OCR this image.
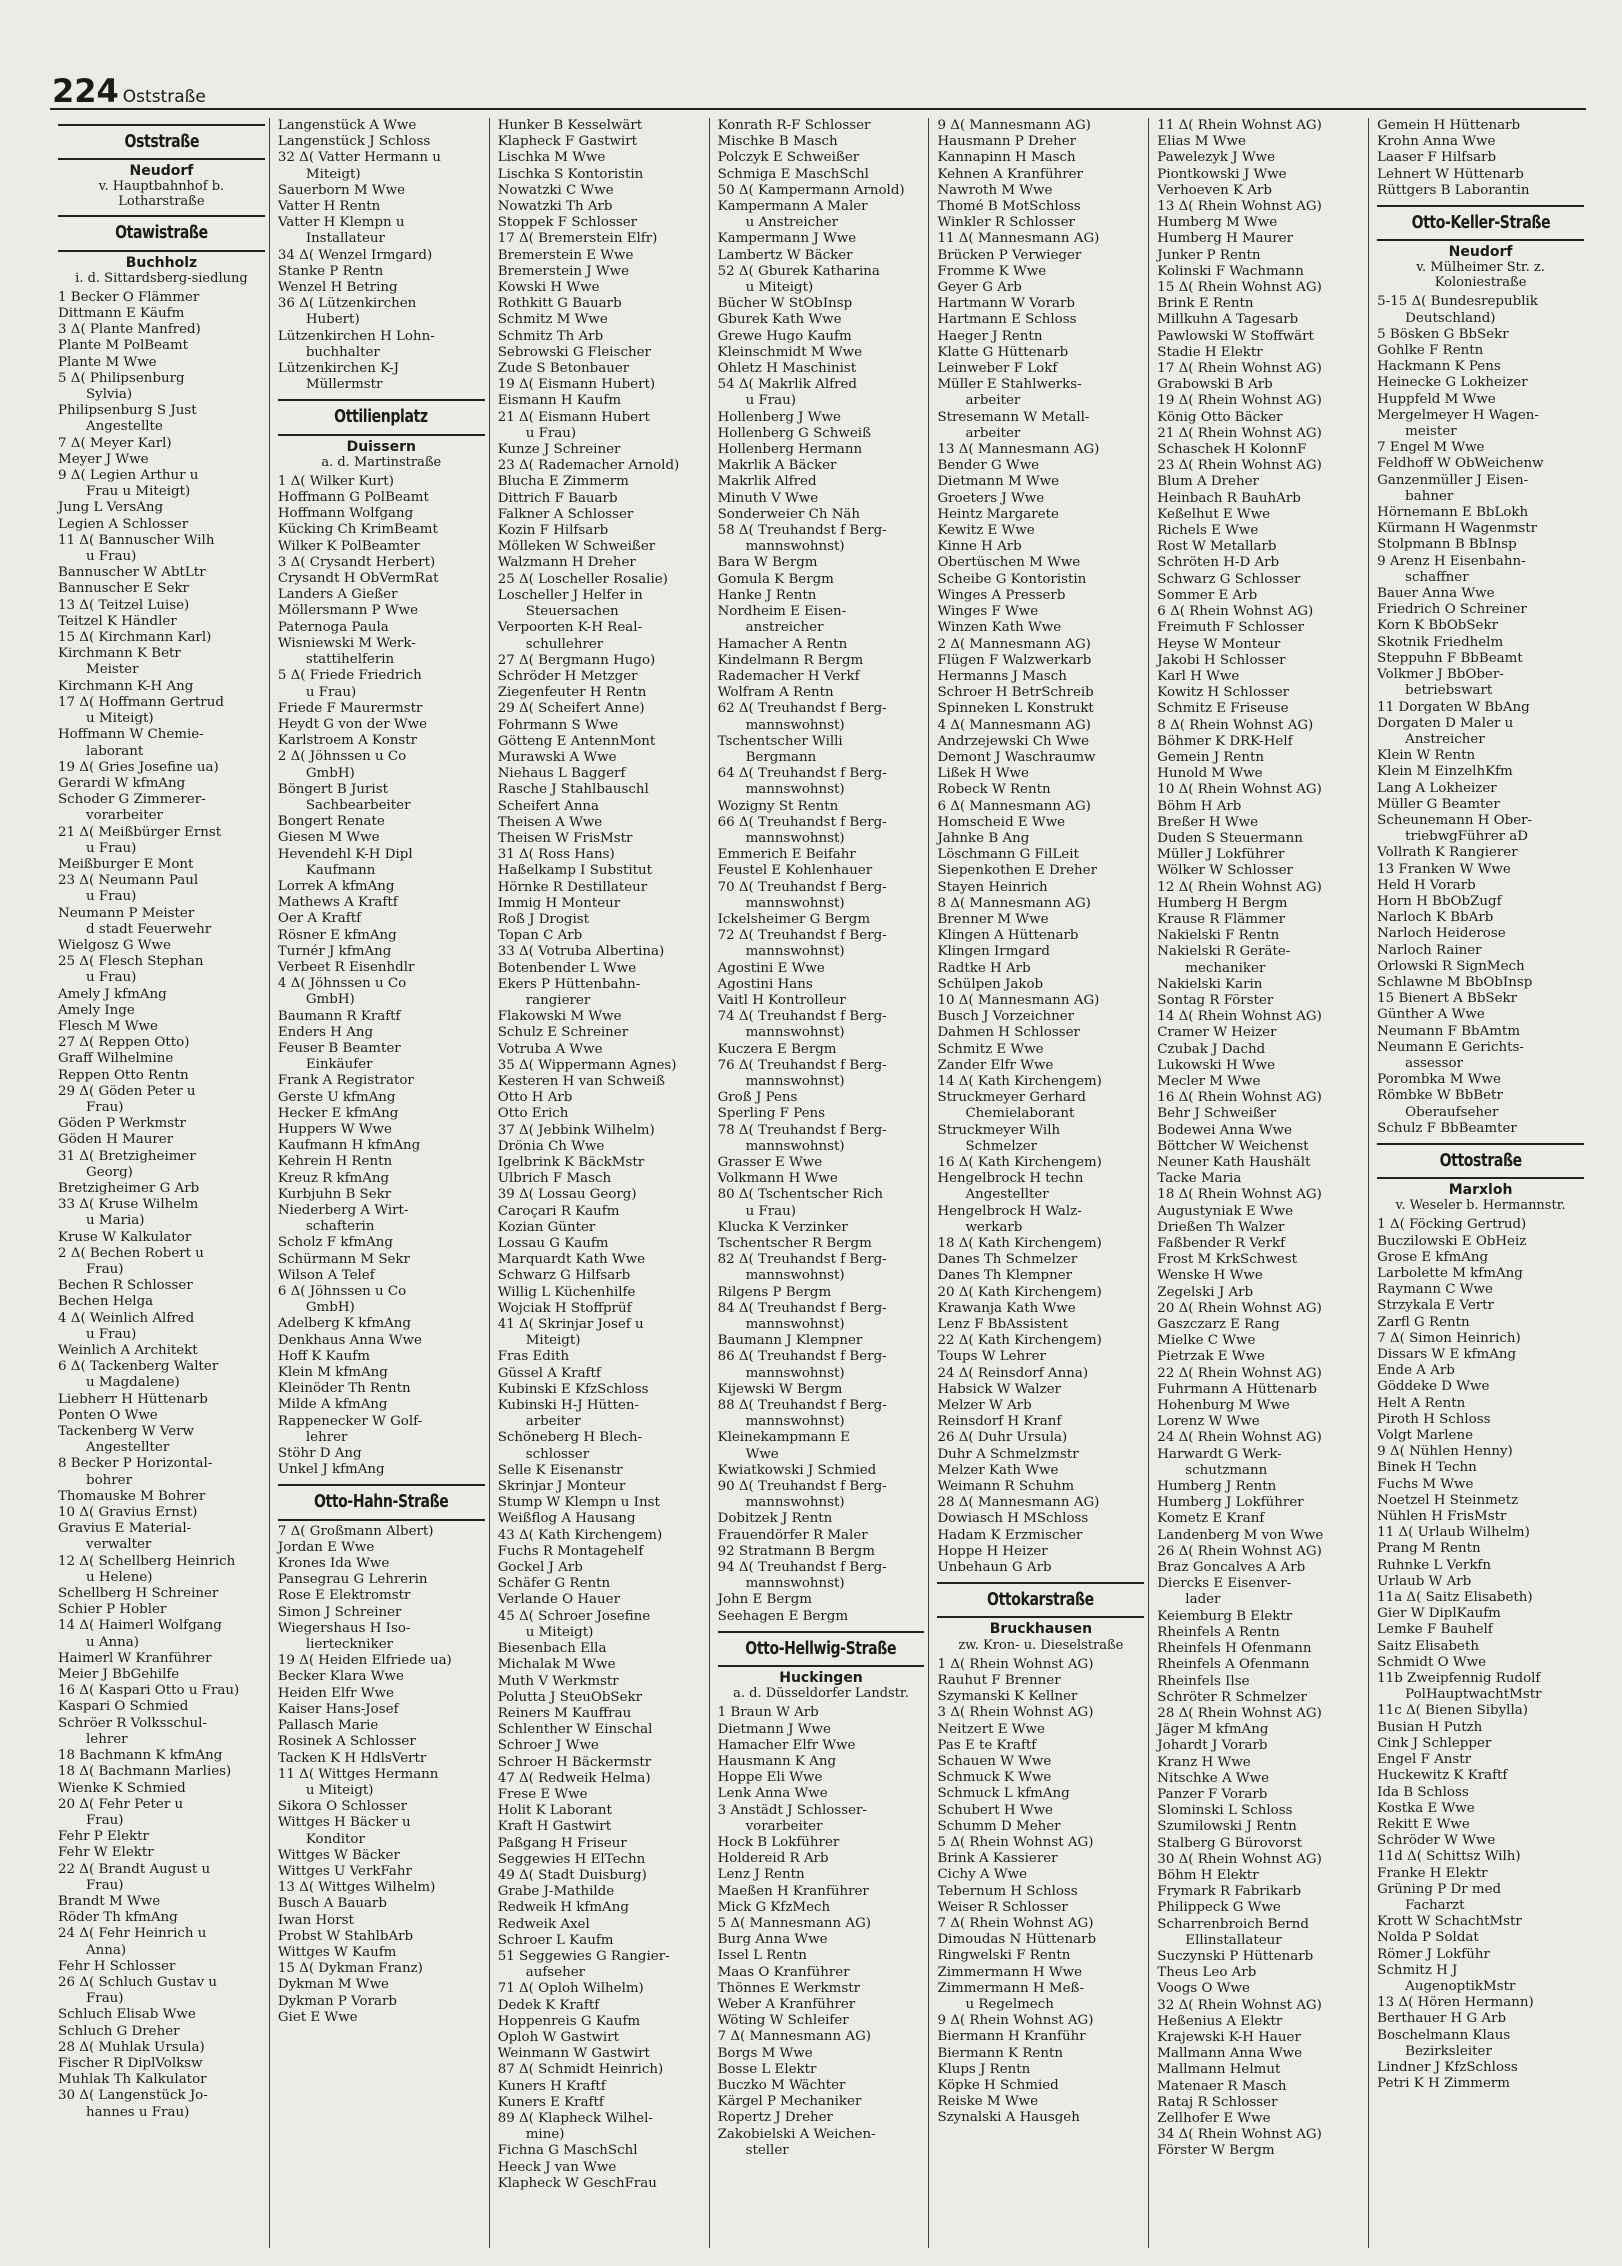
224 Oststraße
Oststraße
Neudorf
v. Hauptbahnhof b. Lotharstraße
Otawistraße
Buchholz
i. d. Sittardsberg-siedlung
1 Becker O Flämmer
Dittmann E Käufm
3 Δ( Plante Manfred)
Plante M PolBeamt
Plante M Wwe
5 Δ( Philipsenburg
Sylvia)
Philipsenburg S Just
Angestellte
7 Δ( Meyer Karl)
Meyer J Wwe
9 Δ( Legien Arthur u
Frau u Miteigt)
Jung L VersAng
Legien A Schlosser
11 Δ( Bannuscher Wilh
u Frau)
Bannuscher W AbtLtr
Bannuscher E Sekr
13 Δ( Teitzel Luise)
Teitzel K Händler
15 Δ( Kirchmann Karl)
Kirchmann K Betr
Meister
Kirchmann K-H Ang
17 Δ( Hoffmann Gertrud
u Miteigt)
Hoffmann W Chemie-
laborant
19 Δ( Gries Josefine ua)
Gerardi W kfmAng
Schoder G Zimmerer-
vorarbeiter
21 Δ( Meißbürger Ernst
u Frau)
Meißburger E Mont
23 Δ( Neumann Paul
u Frau)
Neumann P Meister
d stadt Feuerwehr
Wielgosz G Wwe
25 Δ( Flesch Stephan
u Frau)
Amely J kfmAng
Amely Inge
Flesch M Wwe
27 Δ( Reppen Otto)
Graff Wilhelmine
Reppen Otto Rentn
29 Δ( Göden Peter u
Frau)
Göden P Werkmstr
Göden H Maurer
31 Δ( Bretzigheimer
Georg)
Bretzigheimer G Arb
33 Δ( Kruse Wilhelm
u Maria)
Kruse W Kalkulator
2 Δ( Bechen Robert u
Frau)
Bechen R Schlosser
Bechen Helga
4 Δ( Weinlich Alfred
u Frau)
Weinlich A Architekt
6 Δ( Tackenberg Walter
u Magdalene)
Liebherr H Hüttenarb
Ponten O Wwe
Tackenberg W Verw
Angestellter
8 Becker P Horizontal-
bohrer
Thomauske M Bohrer
10 Δ( Gravius Ernst)
Gravius E Material-
verwalter
12 Δ( Schellberg Heinrich
u Helene)
Schellberg H Schreiner
Schier P Hobler
14 Δ( Haimerl Wolfgang
u Anna)
Haimerl W Kranführer
Meier J BbGehilfe
16 Δ( Kaspari Otto u Frau)
Kaspari O Schmied
Schröer R Volksschul-
lehrer
18 Bachmann K kfmAng
18 Δ( Bachmann Marlies)
Wienke K Schmied
20 Δ( Fehr Peter u
Frau)
Fehr P Elektr
Fehr W Elektr
22 Δ( Brandt August u
Frau)
Brandt M Wwe
Röder Th kfmAng
24 Δ( Fehr Heinrich u
Anna)
Fehr H Schlosser
26 Δ( Schluch Gustav u
Frau)
Schluch Elisab Wwe
Schluch G Dreher
28 Δ( Muhlak Ursula)
Fischer R DiplVolksw
Muhlak Th Kalkulator
30 Δ( Langenstück Jo-
hannes u Frau)
Langenstück A Wwe
Langenstück J Schloss
32 Δ( Vatter Hermann u
Miteigt)
Sauerborn M Wwe
Vatter H Rentn
Vatter H Klempn u
Installateur
34 Δ( Wenzel Irmgard)
Stanke P Rentn
Wenzel H Betring
36 Δ( Lützenkirchen
Hubert)
Lützenkirchen H Lohn-
buchhalter
Lützenkirchen K-J
Müllermstr
Ottilienplatz
Duissern
a. d. Martinstraße
1 Δ( Wilker Kurt)
Hoffmann G PolBeamt
Hoffmann Wolfgang
Kücking Ch KrimBeamt
Wilker K PolBeamter
3 Δ( Crysandt Herbert)
Crysandt H ObVermRat
Landers A Gießer
Möllersmann P Wwe
Paternoga Paula
Wisniewski M Werk-
stattihelferin
5 Δ( Friede Friedrich
u Frau)
Friede F Maurermstr
Heydt G von der Wwe
Karlstroem A Konstr
2 Δ( Jöhnssen u Co
GmbH)
Böngert B Jurist
Sachbearbeiter
Bongert Renate
Giesen M Wwe
Hevendehl K-H Dipl
Kaufmann
Lorrek A kfmAng
Mathews A Kraftf
Oer A Kraftf
Rösner E kfmAng
Turnér J kfmAng
Verbeet R Eisenhdlr
4 Δ( Jöhnssen u Co
GmbH)
Baumann R Kraftf
Enders H Ang
Feuser B Beamter
Einkäufer
Frank A Registrator
Gerste U kfmAng
Hecker E kfmAng
Huppers W Wwe
Kaufmann H kfmAng
Kehrein H Rentn
Kreuz R kfmAng
Kurbjuhn B Sekr
Niederberg A Wirt-
schafterin
Scholz F kfmAng
Schürmann M Sekr
Wilson A Telef
6 Δ( Jöhnssen u Co
GmbH)
Adelberg K kfmAng
Denkhaus Anna Wwe
Hoff K Kaufm
Klein M kfmAng
Kleinöder Th Rentn
Milde A kfmAng
Rappenecker W Golf-
lehrer
Stöhr D Ang
Unkel J kfmAng
Otto-Hahn-Straße
7 Δ( Großmann Albert)
Jordan E Wwe
Krones Ida Wwe
Pansegrau G Lehrerin
Rose E Elektromstr
Simon J Schreiner
Wiegershaus H Iso-
lierteckniker
19 Δ( Heiden Elfriede ua)
Becker Klara Wwe
Heiden Elfr Wwe
Kaiser Hans-Josef
Pallasch Marie
Rosinek A Schlosser
Tacken K H HdlsVertr
11 Δ( Wittges Hermann
u Miteigt)
Sikora O Schlosser
Wittges H Bäcker u
Konditor
Wittges W Bäcker
Wittges U VerkFahr
13 Δ( Wittges Wilhelm)
Busch A Bauarb
Iwan Horst
Probst W StahlbArb
Wittges W Kaufm
15 Δ( Dykman Franz)
Dykman M Wwe
Dykman P Vorarb
Giet E Wwe
Hunker B Kesselwärt
Klapheck F Gastwirt
Lischka M Wwe
Lischka S Kontoristin
Nowatzki C Wwe
Nowatzki Th Arb
Stoppek F Schlosser
17 Δ( Bremerstein Elfr)
Bremerstein E Wwe
Bremerstein J Wwe
Kowski H Wwe
Rothkitt G Bauarb
Schmitz M Wwe
Schmitz Th Arb
Sebrowski G Fleischer
Zude S Betonbauer
19 Δ( Eismann Hubert)
Eismann H Kaufm
21 Δ( Eismann Hubert
u Frau)
Kunze J Schreiner
23 Δ( Rademacher Arnold)
Blucha E Zimmerm
Dittrich F Bauarb
Falkner A Schlosser
Kozin F Hilfsarb
Mölleken W Schweißer
Walzmann H Dreher
25 Δ( Loscheller Rosalie)
Loscheller J Helfer in
Steuersachen
Verpoorten K-H Real-
schullehrer
27 Δ( Bergmann Hugo)
Schröder H Metzger
Ziegenfeuter H Rentn
29 Δ( Scheifert Anne)
Fohrmann S Wwe
Götteng E AntennMont
Murawski A Wwe
Niehaus L Baggerf
Rasche J Stahlbauschl
Scheifert Anna
Theisen A Wwe
Theisen W FrisMstr
31 Δ( Ross Hans)
Haßelkamp I Substitut
Hörnke R Destillateur
Immig H Monteur
Roß J Drogist
Topan C Arb
33 Δ( Votruba Albertina)
Botenbender L Wwe
Ekers P Hüttenbahn-
rangierer
Flakowski M Wwe
Schulz E Schreiner
Votruba A Wwe
35 Δ( Wippermann Agnes)
Kesteren H van Schweiß
Otto H Arb
Otto Erich
37 Δ( Jebbink Wilhelm)
Drönia Ch Wwe
Igelbrink K BäckMstr
Ulbrich F Masch
39 Δ( Lossau Georg)
Caroçari R Kaufm
Kozian Günter
Lossau G Kaufm
Marquardt Kath Wwe
Schwarz G Hilfsarb
Willig L Küchenhilfe
Wojciak H Stoffprüf
41 Δ( Skrinjar Josef u
Miteigt)
Fras Edith
Güssel A Kraftf
Kubinski E KfzSchloss
Kubinski H-J Hütten-
arbeiter
Schöneberg H Blech-
schlosser
Selle K Eisenanstr
Skrinjar J Monteur
Stump W Klempn u Inst
Weißflog A Hausang
43 Δ( Kath Kirchengem)
Fuchs R Montagehelf
Gockel J Arb
Schäfer G Rentn
Verlande O Hauer
45 Δ( Schroer Josefine
u Miteigt)
Biesenbach Ella
Michalak M Wwe
Muth V Werkmstr
Polutta J SteuObSekr
Reiners M Kauffrau
Schlenther W Einschal
Schroer J Wwe
Schroer H Bäckermstr
47 Δ( Redweik Helma)
Frese E Wwe
Holit K Laborant
Kraft H Gastwirt
Paßgang H Friseur
Seggewies H ElTechn
49 Δ( Stadt Duisburg)
Grabe J-Mathilde
Redweik H kfmAng
Redweik Axel
Schroer L Kaufm
51 Seggewies G Rangier-
aufseher
71 Δ( Oploh Wilhelm)
Dedek K Kraftf
Hoppenreis G Kaufm
Oploh W Gastwirt
Weinmann W Gastwirt
87 Δ( Schmidt Heinrich)
Kuners H Kraftf
Kuners E Kraftf
89 Δ( Klapheck Wilhel-
mine)
Fichna G MaschSchl
Heeck J van Wwe
Klapheck W GeschFrau
Konrath R-F Schlosser
Mischke B Masch
Polczyk E Schweißer
Schmiga E MaschSchl
50 Δ( Kampermann Arnold)
Kampermann A Maler
u Anstreicher
Kampermann J Wwe
Lambertz W Bäcker
52 Δ( Gburek Katharina
u Miteigt)
Bücher W StObInsp
Gburek Kath Wwe
Grewe Hugo Kaufm
Kleinschmidt M Wwe
Ohletz H Maschinist
54 Δ( Makrlik Alfred
u Frau)
Hollenberg J Wwe
Hollenberg G Schweiß
Hollenberg Hermann
Makrlik A Bäcker
Makrlik Alfred
Minuth V Wwe
Sonderweier Ch Näh
58 Δ( Treuhandst f Berg-
mannswohnst)
Bara W Bergm
Gomula K Bergm
Hanke J Rentn
Nordheim E Eisen-
anstreicher
Hamacher A Rentn
Kindelmann R Bergm
Rademacher H Verkf
Wolfram A Rentn
62 Δ( Treuhandst f Berg-
mannswohnst)
Tschentscher Willi
Bergmann
64 Δ( Treuhandst f Berg-
mannswohnst)
Wozigny St Rentn
66 Δ( Treuhandst f Berg-
mannswohnst)
Emmerich E Beifahr
Feustel E Kohlenhauer
70 Δ( Treuhandst f Berg-
mannswohnst)
Ickelsheimer G Bergm
72 Δ( Treuhandst f Berg-
mannswohnst)
Agostini E Wwe
Agostini Hans
Vaitl H Kontrolleur
74 Δ( Treuhandst f Berg-
mannswohnst)
Kuczera E Bergm
76 Δ( Treuhandst f Berg-
mannswohnst)
Groß J Pens
Sperling F Pens
78 Δ( Treuhandst f Berg-
mannswohnst)
Grasser E Wwe
Volkmann H Wwe
80 Δ( Tschentscher Rich
u Frau)
Klucka K Verzinker
Tschentscher R Bergm
82 Δ( Treuhandst f Berg-
mannswohnst)
Rilgens P Bergm
84 Δ( Treuhandst f Berg-
mannswohnst)
Baumann J Klempner
86 Δ( Treuhandst f Berg-
mannswohnst)
Kijewski W Bergm
88 Δ( Treuhandst f Berg-
mannswohnst)
Kleinekampmann E
Wwe
Kwiatkowski J Schmied
90 Δ( Treuhandst f Berg-
mannswohnst)
Dobitzek J Rentn
Frauendörfer R Maler
92 Stratmann B Bergm
94 Δ( Treuhandst f Berg-
mannswohnst)
John E Bergm
Seehagen E Bergm
Otto-Hellwig-Straße
Huckingen
a. d. Düsseldorfer Landstr.
1 Braun W Arb
Dietmann J Wwe
Hamacher Elfr Wwe
Hausmann K Ang
Hoppe Eli Wwe
Lenk Anna Wwe
3 Anstädt J Schlosser-
vorarbeiter
Hock B Lokführer
Holdereid R Arb
Lenz J Rentn
Maeßen H Kranführer
Mick G KfzMech
5 Δ( Mannesmann AG)
Burg Anna Wwe
Issel L Rentn
Maas O Kranführer
Thönnes E Werkmstr
Weber A Kranführer
Wöting W Schleifer
7 Δ( Mannesmann AG)
Borgs M Wwe
Bosse L Elektr
Buczko M Wächter
Kärgel P Mechaniker
Ropertz J Dreher
Zakobielski A Weichen-
steller
9 Δ( Mannesmann AG)
Hausmann P Dreher
Kannapinn H Masch
Kehnen A Kranführer
Nawroth M Wwe
Thomé B MotSchloss
Winkler R Schlosser
11 Δ( Mannesmann AG)
Brücken P Verwieger
Fromme K Wwe
Geyer G Arb
Hartmann W Vorarb
Hartmann E Schloss
Haeger J Rentn
Klatte G Hüttenarb
Leinweber F Lokf
Müller E Stahlwerks-
arbeiter
Stresemann W Metall-
arbeiter
13 Δ( Mannesmann AG)
Bender G Wwe
Dietmann M Wwe
Groeters J Wwe
Heintz Margarete
Kewitz E Wwe
Kinne H Arb
Obertüschen M Wwe
Scheibe G Kontoristin
Winges A Presserb
Winges F Wwe
Winzen Kath Wwe
2 Δ( Mannesmann AG)
Flügen F Walzwerkarb
Hermanns J Masch
Schroer H BetrSchreib
Spinneken L Konstrukt
4 Δ( Mannesmann AG)
Andrzejewski Ch Wwe
Demont J Waschraumw
Lißek H Wwe
Robeck W Rentn
6 Δ( Mannesmann AG)
Homscheid E Wwe
Jahnke B Ang
Löschmann G FilLeit
Siepenkothen E Dreher
Stayen Heinrich
8 Δ( Mannesmann AG)
Brenner M Wwe
Klingen A Hüttenarb
Klingen Irmgard
Radtke H Arb
Schülpen Jakob
10 Δ( Mannesmann AG)
Busch J Vorzeichner
Dahmen H Schlosser
Schmitz E Wwe
Zander Elfr Wwe
14 Δ( Kath Kirchengem)
Struckmeyer Gerhard
Chemielaborant
Struckmeyer Wilh
Schmelzer
16 Δ( Kath Kirchengem)
Hengelbrock H techn
Angestellter
Hengelbrock H Walz-
werkarb
18 Δ( Kath Kirchengem)
Danes Th Schmelzer
Danes Th Klempner
20 Δ( Kath Kirchengem)
Krawanja Kath Wwe
Lenz F BbAssistent
22 Δ( Kath Kirchengem)
Toups W Lehrer
24 Δ( Reinsdorf Anna)
Habsick W Walzer
Melzer W Arb
Reinsdorf H Kranf
26 Δ( Duhr Ursula)
Duhr A Schmelzmstr
Melzer Kath Wwe
Weimann R Schuhm
28 Δ( Mannesmann AG)
Dowiasch H MSchloss
Hadam K Erzmischer
Hoppe H Heizer
Unbehaun G Arb
Ottokarstraße
Bruckhausen
zw. Kron- u. Dieselstraße
1 Δ( Rhein Wohnst AG)
Rauhut F Brenner
Szymanski K Kellner
3 Δ( Rhein Wohnst AG)
Neitzert E Wwe
Pas E te Kraftf
Schauen W Wwe
Schmuck K Wwe
Schmuck L kfmAng
Schubert H Wwe
Schumm D Meher
5 Δ( Rhein Wohnst AG)
Brink A Kassierer
Cichy A Wwe
Tebernum H Schloss
Weiser R Schlosser
7 Δ( Rhein Wohnst AG)
Dimoudas N Hüttenarb
Ringwelski F Rentn
Zimmermann H Wwe
Zimmermann H Meß-
u Regelmech
9 Δ( Rhein Wohnst AG)
Biermann H Kranführ
Biermann K Rentn
Klups J Rentn
Köpke H Schmied
Reiske M Wwe
Szynalski A Hausgeh
11 Δ( Rhein Wohnst AG)
Elias M Wwe
Pawelezyk J Wwe
Piontkowski J Wwe
Verhoeven K Arb
13 Δ( Rhein Wohnst AG)
Humberg M Wwe
Humberg H Maurer
Junker P Rentn
Kolinski F Wachmann
15 Δ( Rhein Wohnst AG)
Brink E Rentn
Millkuhn A Tagesarb
Pawlowski W Stoffwärt
Stadie H Elektr
17 Δ( Rhein Wohnst AG)
Grabowski B Arb
19 Δ( Rhein Wohnst AG)
König Otto Bäcker
21 Δ( Rhein Wohnst AG)
Schaschek H KolonnF
23 Δ( Rhein Wohnst AG)
Blum A Dreher
Heinbach R BauhArb
Keßelhut E Wwe
Richels E Wwe
Rost W Metallarb
Schröten H-D Arb
Schwarz G Schlosser
Sommer E Arb
6 Δ( Rhein Wohnst AG)
Freimuth F Schlosser
Heyse W Monteur
Jakobi H Schlosser
Karl H Wwe
Kowitz H Schlosser
Schmitz E Friseuse
8 Δ( Rhein Wohnst AG)
Böhmer K DRK-Helf
Gemein J Rentn
Hunold M Wwe
10 Δ( Rhein Wohnst AG)
Böhm H Arb
Breßer H Wwe
Duden S Steuermann
Müller J Lokführer
Wölker W Schlosser
12 Δ( Rhein Wohnst AG)
Humberg H Bergm
Krause R Flämmer
Nakielski F Rentn
Nakielski R Geräte-
mechaniker
Nakielski Karin
Sontag R Förster
14 Δ( Rhein Wohnst AG)
Cramer W Heizer
Czubak J Dachd
Lukowski H Wwe
Mecler M Wwe
16 Δ( Rhein Wohnst AG)
Behr J Schweißer
Bodewei Anna Wwe
Böttcher W Weichenst
Neuner Kath Haushält
Tacke Maria
18 Δ( Rhein Wohnst AG)
Augustyniak E Wwe
Drießen Th Walzer
Faßbender R Verkf
Frost M KrkSchwest
Wenske H Wwe
Zegelski J Arb
20 Δ( Rhein Wohnst AG)
Gaszczarz E Rang
Mielke C Wwe
Pietrzak E Wwe
22 Δ( Rhein Wohnst AG)
Fuhrmann A Hüttenarb
Hohenburg M Wwe
Lorenz W Wwe
24 Δ( Rhein Wohnst AG)
Harwardt G Werk-
schutzmann
Humberg J Rentn
Humberg J Lokführer
Kometz E Kranf
Landenberg M von Wwe
26 Δ( Rhein Wohnst AG)
Braz Goncalves A Arb
Diercks E Eisenver-
lader
Keiemburg B Elektr
Rheinfels A Rentn
Rheinfels H Ofenmann
Rheinfels A Ofenmann
Rheinfels Ilse
Schröter R Schmelzer
28 Δ( Rhein Wohnst AG)
Jäger M kfmAng
Johardt J Vorarb
Kranz H Wwe
Nitschke A Wwe
Panzer F Vorarb
Slominski L Schloss
Szumilowski J Rentn
Stalberg G Bürovorst
30 Δ( Rhein Wohnst AG)
Böhm H Elektr
Frymark R Fabrikarb
Philippeck G Wwe
Scharrenbroich Bernd
Ellinstallateur
Suczynski P Hüttenarb
Theus Leo Arb
Voogs O Wwe
32 Δ( Rhein Wohnst AG)
Heßenius A Elektr
Krajewski K-H Hauer
Mallmann Anna Wwe
Mallmann Helmut
Matenaer R Masch
Rataj R Schlosser
Zellhofer E Wwe
34 Δ( Rhein Wohnst AG)
Förster W Bergm
Gemein H Hüttenarb
Krohn Anna Wwe
Laaser F Hilfsarb
Lehnert W Hüttenarb
Rüttgers B Laborantin
Otto-Keller-Straße
Neudorf
v. Mülheimer Str. z. Koloniestraße
5-15 Δ( Bundesrepublik
Deutschland)
5 Bösken G BbSekr
Gohlke F Rentn
Hackmann K Pens
Heinecke G Lokheizer
Huppfeld M Wwe
Mergelmeyer H Wagen-
meister
7 Engel M Wwe
Feldhoff W ObWeichenw
Ganzenmüller J Eisen-
bahner
Hörnemann E BbLokh
Kürmann H Wagenmstr
Stolpmann B BbInsp
9 Arenz H Eisenbahn-
schaffner
Bauer Anna Wwe
Friedrich O Schreiner
Korn K BbObSekr
Skotnik Friedhelm
Steppuhn F BbBeamt
Volkmer J BbOber-
betriebswart
11 Dorgaten W BbAng
Dorgaten D Maler u
Anstreicher
Klein W Rentn
Klein M EinzelhKfm
Lang A Lokheizer
Müller G Beamter
Scheunemann H Ober-
triebwgFührer aD
Vollrath K Rangierer
13 Franken W Wwe
Held H Vorarb
Horn H BbObZugf
Narloch K BbArb
Narloch Heiderose
Narloch Rainer
Orlowski R SignMech
Schlawne M BbObInsp
15 Bienert A BbSekr
Günther A Wwe
Neumann F BbAmtm
Neumann E Gerichts-
assessor
Porombka M Wwe
Römbke W BbBetr
Oberaufseher
Schulz F BbBeamter
Ottostraße
Marxloh
v. Weseler b. Hermannstr.
1 Δ( Föcking Gertrud)
Buczilowski E ObHeiz
Grose E kfmAng
Larbolette M kfmAng
Raymann C Wwe
Strzykala E Vertr
Zarfl G Rentn
7 Δ( Simon Heinrich)
Dissars W E kfmAng
Ende A Arb
Göddeke D Wwe
Helt A Rentn
Piroth H Schloss
Volgt Marlene
9 Δ( Nühlen Henny)
Binek H Techn
Fuchs M Wwe
Noetzel H Steinmetz
Nühlen H FrisMstr
11 Δ( Urlaub Wilhelm)
Prang M Rentn
Ruhnke L Verkfn
Urlaub W Arb
11a Δ( Saitz Elisabeth)
Gier W DiplKaufm
Lemke F Bauhelf
Saitz Elisabeth
Schmidt O Wwe
11b Zweipfennig Rudolf
PolHauptwachtMstr
11c Δ( Bienen Sibylla)
Busian H Putzh
Cink J Schlepper
Engel F Anstr
Huckewitz K Kraftf
Ida B Schloss
Kostka E Wwe
Rekitt E Wwe
Schröder W Wwe
11d Δ( Schittsz Wilh)
Franke H Elektr
Grüning P Dr med
Facharzt
Krott W SchachtMstr
Nolda P Soldat
Römer J Lokführ
Schmitz H J
AugenoptikMstr
13 Δ( Hören Hermann)
Berthauer H G Arb
Boschelmann Klaus
Bezirksleiter
Lindner J KfzSchloss
Petri K H Zimmerm
